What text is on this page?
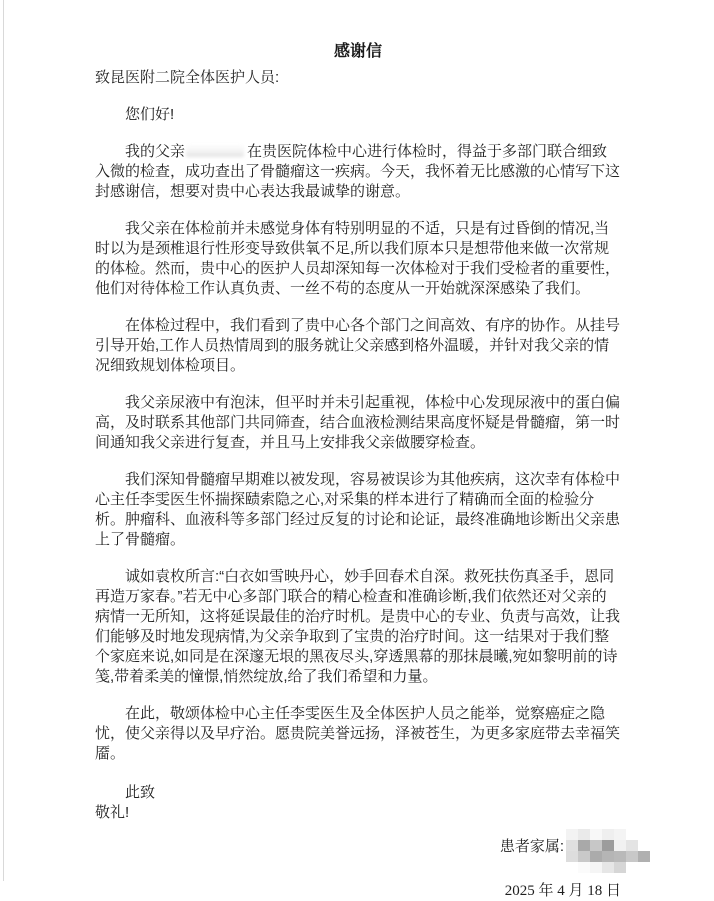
感谢信

致昆医附二院全体医护人员:

您们好!

我的父亲	在贵医院体检中心进行体检时，得益于多部门联合细致入微的检查，成功查出了骨髓瘤这一疾病。今天，我怀着无比感激的心情写下这封感谢信，想要对贵中心表达我最诚挚的谢意。

我父亲在体检前并未感觉身体有特别明显的不适，只是有过昏倒的情况,当时以为是颈椎退行性形变导致供氧不足,所以我们原本只是想带他来做一次常规的体检。然而，贵中心的医护人员却深知每一次体检对于我们受检者的重要性，他们对待体检工作认真负责、一丝不苟的态度从一开始就深深感染了我们。

在体检过程中，我们看到了贵中心各个部门之间高效、有序的协作。从挂号引导开始,工作人员热情周到的服务就让父亲感到格外温暖，并针对我父亲的情况细致规划体检项目。

我父亲尿液中有泡沫，但平时并未引起重视，体检中心发现尿液中的蛋白偏高，及时联系其他部门共同筛查，结合血液检测结果高度怀疑是骨髓瘤，第一时间通知我父亲进行复查，并且马上安排我父亲做腰穿检查。

我们深知骨髓瘤早期难以被发现，容易被误诊为其他疾病，这次幸有体检中心主任李雯医生怀揣探赜索隐之心,对采集的样本进行了精确而全面的检验分析。肿瘤科、血液科等多部门经过反复的讨论和论证，最终准确地诊断出父亲患上了骨髓瘤。

诚如袁枚所言:“白衣如雪映丹心，妙手回春术自深。救死扶伤真圣手，恩同再造万家春。”若无中心多部门联合的精心检查和准确诊断,我们依然还对父亲的病情一无所知，这将延误最佳的治疗时机。是贵中心的专业、负责与高效，让我们能够及时地发现病情,为父亲争取到了宝贵的治疗时间。这一结果对于我们整个家庭来说,如同是在深邃无垠的黑夜尽头,穿透黑幕的那抹晨曦,宛如黎明前的诗笺,带着柔美的憧憬,悄然绽放,给了我们希望和力量。

在此，敬颂体检中心主任李雯医生及全体医护人员之能举，觉察癌症之隐忧，使父亲得以及早疗治。愿贵院美誉远扬，泽被苍生，为更多家庭带去幸福笑靥。

此致

敬礼!

患者家属:

2025 年 4 月 18 日
